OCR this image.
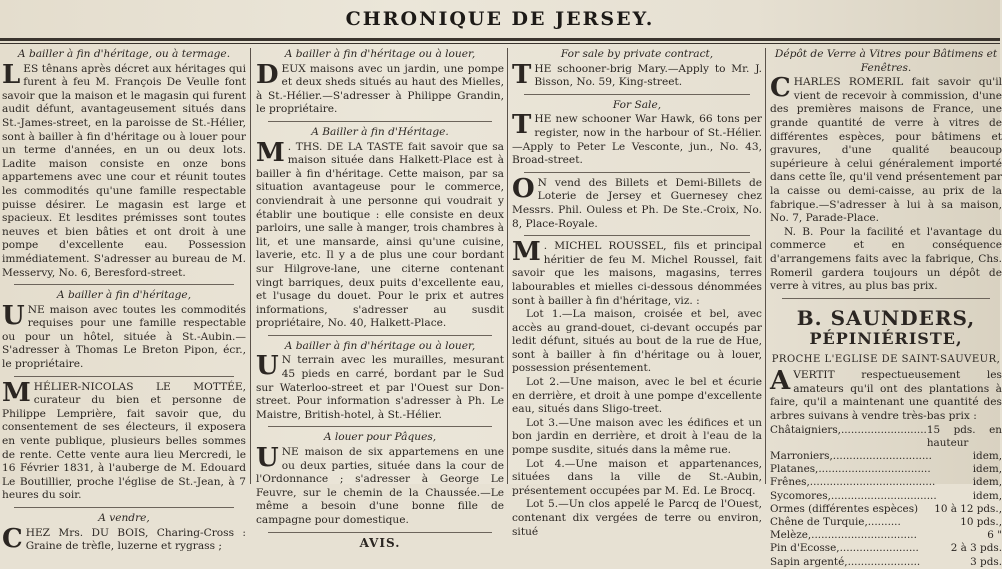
CHRONIQUE DE JERSEY.
A bailler à fin d'héritage, ou à termage.

LES tênans après décret aux héritages qui furent à feu M. François De Veulle font savoir que la maison et le magasin qui furent audit défunt, avantageusement situés dans St.-James-street, en la paroisse de St.-Hélier, sont à bailler à fin d'héritage ou à louer pour un terme d'années, en un ou deux lots. Ladite maison consiste en onze bons appartemens avec une cour et réunit toutes les commodités qu'une famille respectable puisse désirer. Le magasin est large et spacieux. Et lesdites prémisses sont toutes neuves et bien bâties et ont droit à une pompe d'excellente eau. Possession immédiatement. S'adresser au bureau de M. Messervy, No. 6, Beresford-street.

A bailler à fin d'héritage,

UNE maison avec toutes les commodités requises pour une famille respectable ou pour un hôtel, située à St.-Aubin.—S'adresser à Thomas Le Breton Pipon, écr., le propriétaire.

MHÉLIER-NICOLAS LE MOTTÉE, curateur du bien et personne de Philippe Lemprière, fait savoir que, du consentement de ses électeurs, il exposera en vente publique, plusieurs belles sommes de rente. Cette vente aura lieu Mercredi, le 16 Février 1831, à l'auberge de M. Edouard Le Boutillier, proche l'église de St.-Jean, à 7 heures du soir.

A vendre,

CHEZ Mrs. DU BOIS, Charing-Cross : Graine de trèfle, luzerne et rygrass ;

A bailler à fin d'héritage ou à louer,

DEUX maisons avec un jardin, une pompe et deux sheds situés au haut des Mielles, à St.-Hélier.—S'adresser à Philippe Grandin, le propriétaire.

A Bailler à fin d'Héritage.

M . THS. DE LA TASTE fait savoir que sa maison située dans Halkett-Place est à bailler à fin d'héritage. Cette maison, par sa situation avantageuse pour le commerce, conviendrait à une personne qui voudrait y établir une boutique : elle consiste en deux parloirs, une salle à manger, trois chambres à lit, et une mansarde, ainsi qu'une cuisine, laverie, etc. Il y a de plus une cour bordant sur Hilgrove-lane, une citerne contenant vingt barriques, deux puits d'excellente eau, et l'usage du douet. Pour le prix et autres informations, s'adresser au susdit propriétaire, No. 40, Halkett-Place.

A bailler à fin d'héritage ou à louer,

U N terrain avec les murailles, mesurant 45 pieds en carré, bordant par le Sud sur Waterloo-street et par l'Ouest sur Don-street. Pour information s'adresser à Ph. Le Maistre, British-hotel, à St.-Hélier.

A louer pour Pâques,

UNE maison de six appartemens en une ou deux parties, située dans la cour de l'Ordonnance ; s'adresser à George Le Feuvre, sur le chemin de la Chaussée.—Le même a besoin d'une bonne fille de campagne pour domestique.

AVIS.
For sale by private contract,

THE schooner-brig Mary.—Apply to Mr. J. Bisson, No. 59, King-street.

For Sale,

THE new schooner War Hawk, 66 tons per register, now in the harbour of St.-Hélier. —Apply to Peter Le Vesconte, jun., No. 43, Broad-street.

O N vend des Billets et Demi-Billets de Loterie de Jersey et Guernesey chez Messrs. Phil. Ouless et Ph. De Ste.-Croix, No. 8, Place-Royale.

M . MICHEL ROUSSEL, fils et principal héritier de feu M. Michel Roussel, fait savoir que les maisons, magasins, terres labourables et mielles ci-dessous dénommées sont à bailler à fin d'héritage, viz. :

Lot 1.—La maison, croisée et bel, avec accès au grand-douet, ci-devant occupés par ledit défunt, situés au bout de la rue de Hue, sont à bailler à fin d'héritage ou à louer, possession présentement.

Lot 2.—Une maison, avec le bel et écurie en derrière, et droit à une pompe d'excellente eau, situés dans Sligo-treet.

Lot 3.—Une maison avec les édifices et un bon jardin en derrière, et droit à l'eau de la pompe susdite, situés dans la même rue.

Lot 4.—Une maison et appartenances, situées dans la ville de St.-Aubin, présentement occupées par M. Ed. Le Brocq.

Lot 5.—Un clos appelé le Parcq de l'Ouest, contenant dix vergées de terre ou environ, situé

Dépôt de Verre à Vitres pour Bâtimens et Fenêtres.

CHARLES ROMERIL fait savoir qu'il vient de recevoir à commission, d'une des premières maisons de France, une grande quantité de verre à vitres de différentes espèces, pour bâtimens et gravures, d'une qualité beaucoup supérieure à celui généralement importé dans cette île, qu'il vend présentement par la caisse ou demi-caisse, au prix de la fabrique.—S'adresser à lui à sa maison, No. 7, Parade-Place.

N. B. Pour la facilité et l'avantage du commerce et en conséquence d'arrangemens faits avec la fabrique, Chs. Romeril gardera toujours un dépôt de verre à vitres, au plus bas prix.

B. SAUNDERS,
PÉPINIÉRISTE,
PROCHE L'EGLISE DE SAINT-SAUVEUR,

AVERTIT respectueusement les amateurs qu'il ont des plantations à faire, qu'il a maintenant une quantité des arbres suivans à vendre très-bas prix :

Châtaigniers,.......................... 15 pds. en hauteur
Marroniers,..............................	idem,
Platanes,..................................	idem,
Frênes,......................................	idem,
Sycomores,................................	idem,
Ormes (différentes espèces) 10 à 12 pds.,
Chêne de Turquie,..........	10 pds.,
Melèze,................................	6 "
Pin d'Ecosse,........................	2 à 3 pds.
Sapin argenté,......................	3 pds.
